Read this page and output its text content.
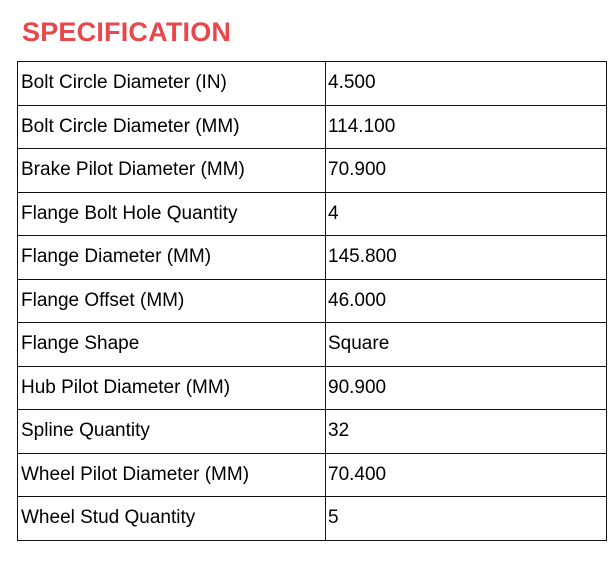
SPECIFICATION
Bolt Circle Diameter (IN)	4.500
Bolt Circle Diameter (MM)	114.100
Brake Pilot Diameter (MM)	70.900
Flange Bolt Hole Quantity	4
Flange Diameter (MM)	145.800
Flange Offset (MM)	46.000
Flange Shape	Square
Hub Pilot Diameter (MM)	90.900
Spline Quantity	32
Wheel Pilot Diameter (MM)	70.400
Wheel Stud Quantity	5
